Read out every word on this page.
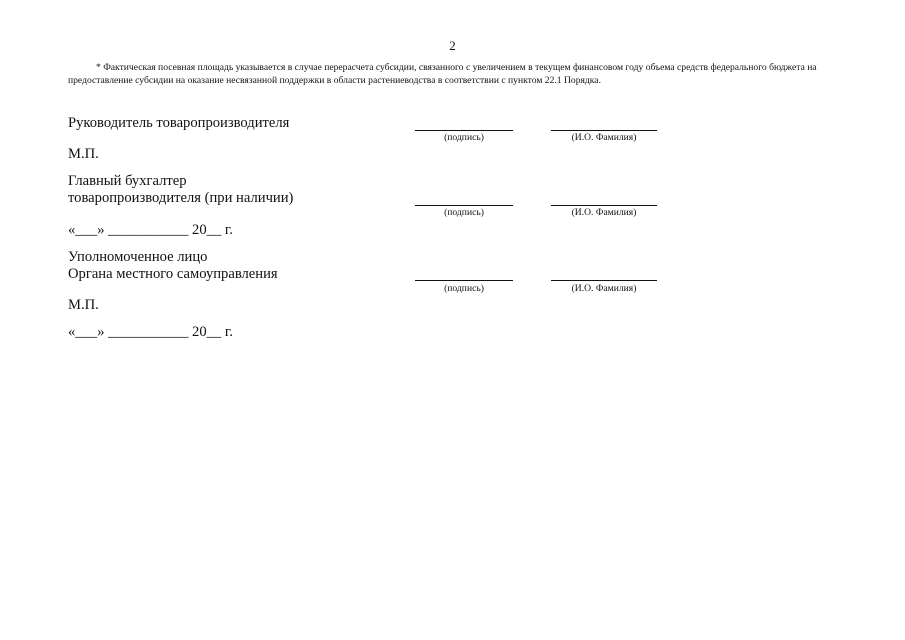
2
* Фактическая посевная площадь указывается в случае перерасчета субсидии, связанного с увеличением в текущем финансовом году объема средств федерального бюджета на предоставление субсидии на оказание несвязанной поддержки в области растениеводства в соответствии с пунктом 22.1 Порядка.
Руководитель товаропроизводителя
(подпись)	(И.О. Фамилия)
М.П.
Главный бухгалтер
товаропроизводителя (при наличии)
(подпись)	(И.О. Фамилия)
«___» ___________ 20__ г.
Уполномоченное лицо
Органа местного самоуправления
(подпись)	(И.О. Фамилия)
М.П.
«___» ___________ 20__ г.
